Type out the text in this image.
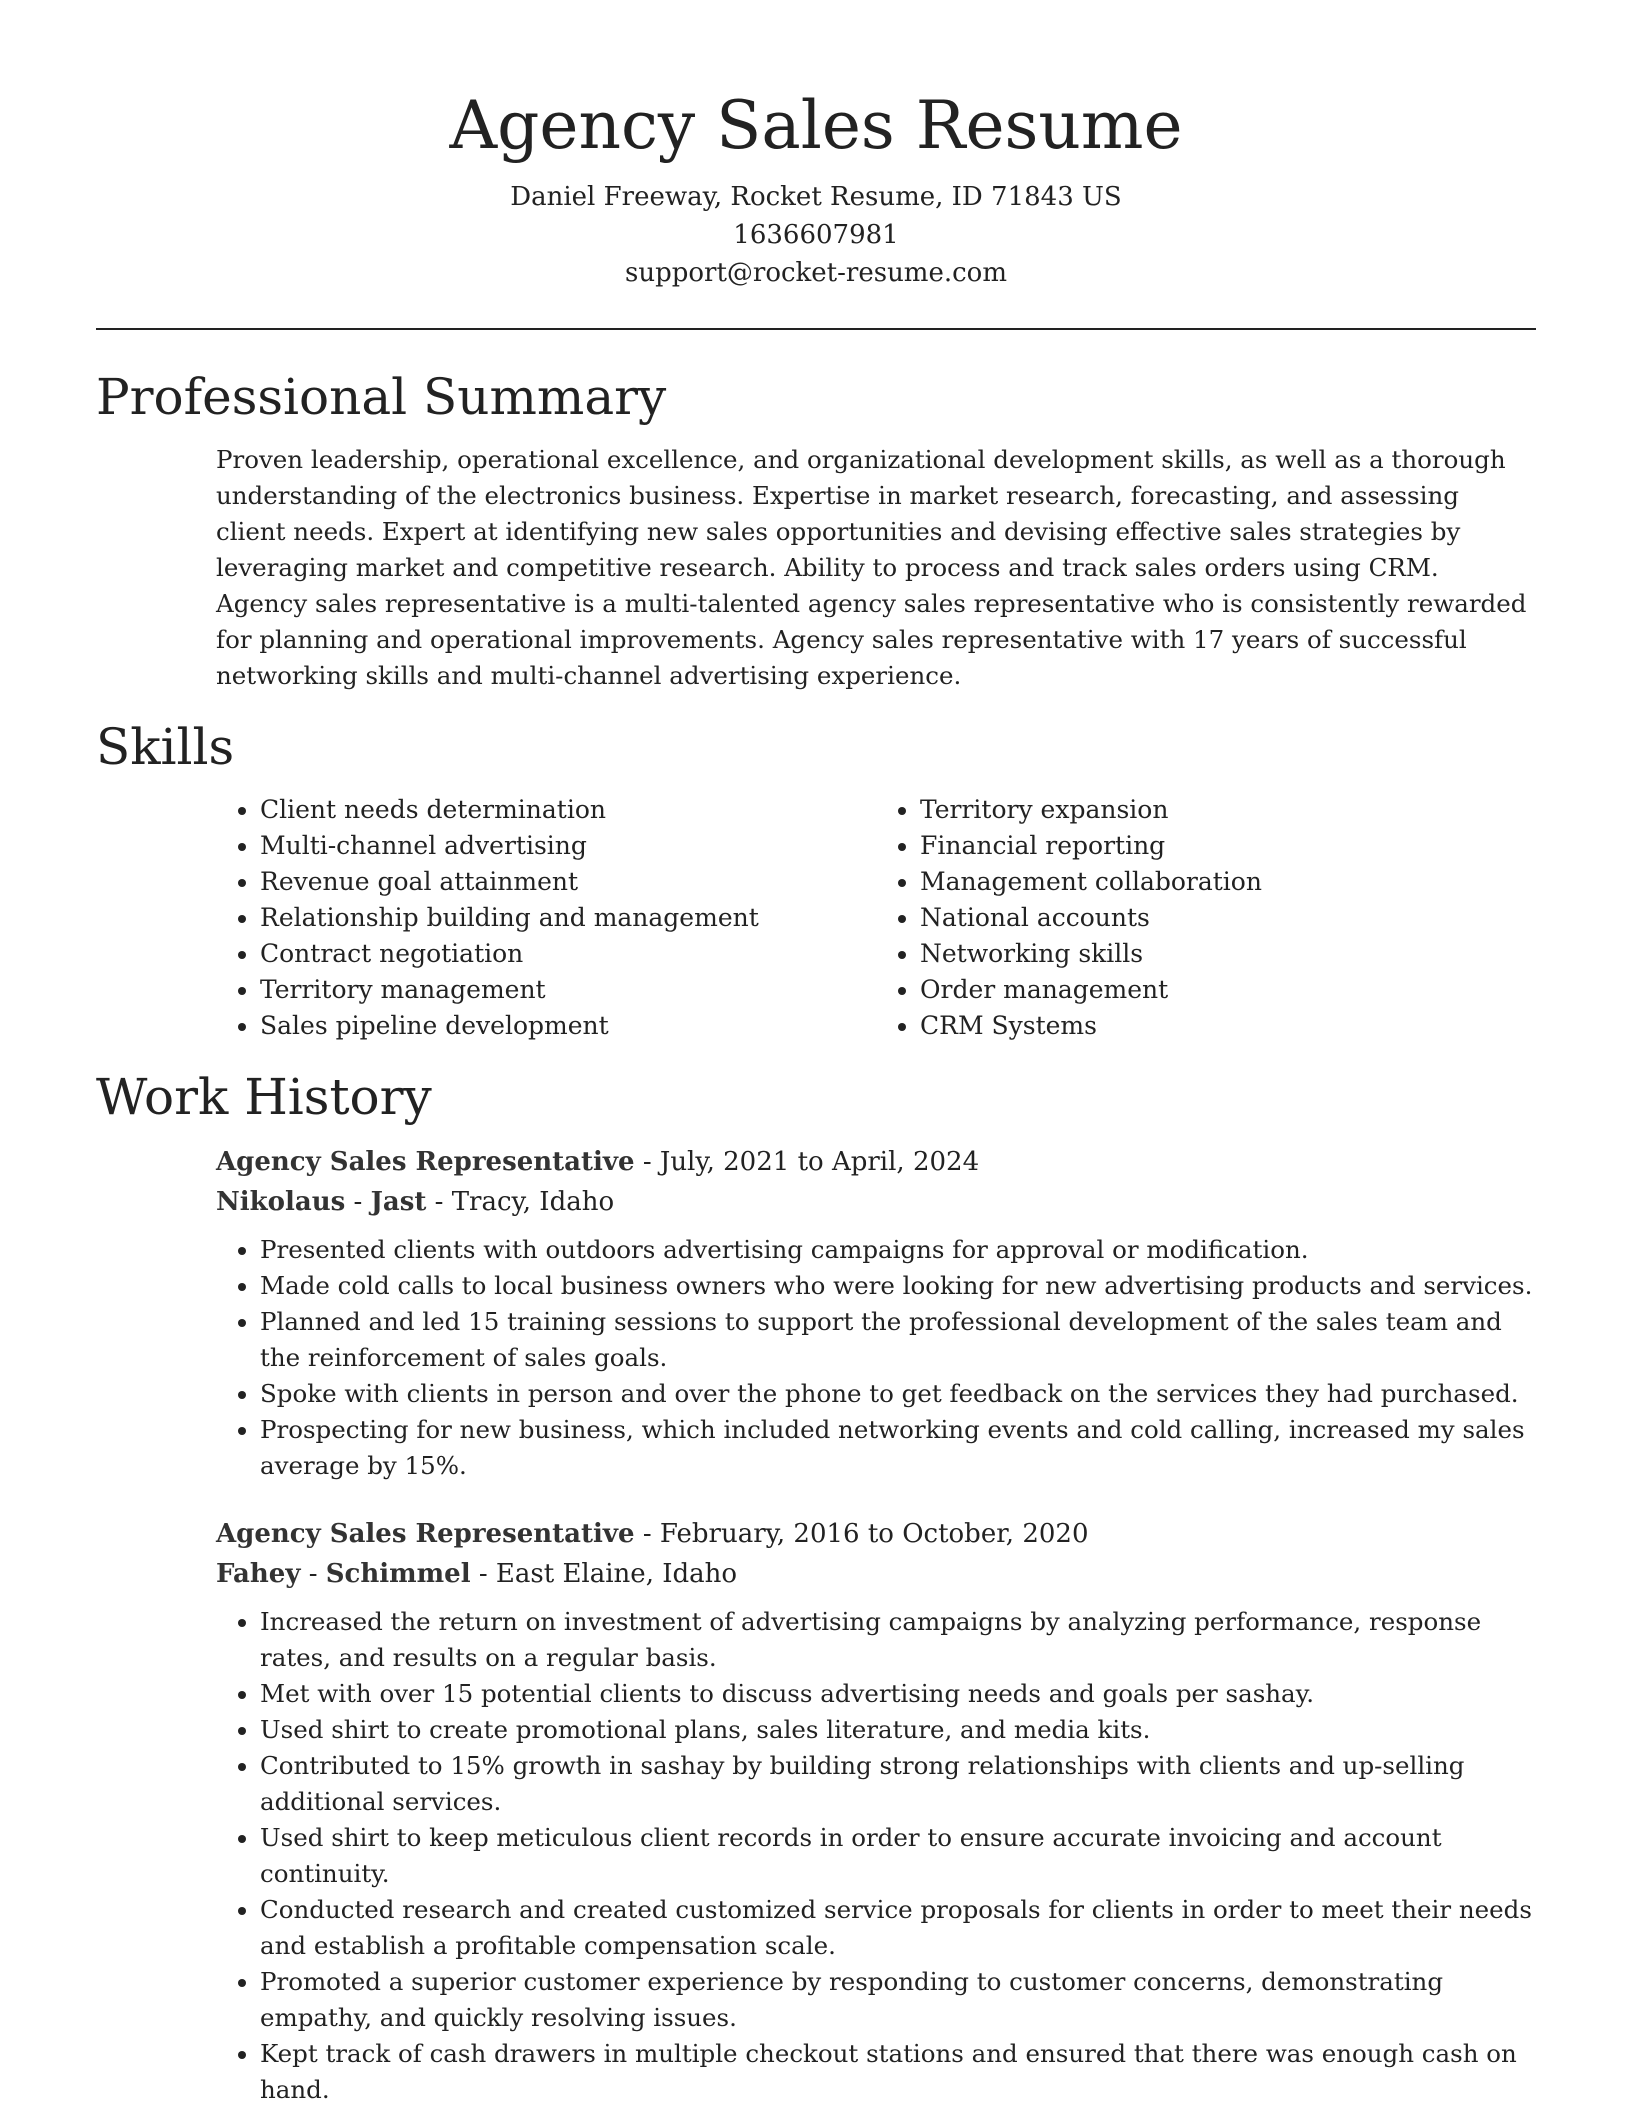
Agency Sales Resume
Daniel Freeway, Rocket Resume, ID 71843 US
1636607981
support@rocket-resume.com
Professional Summary

Proven leadership, operational excellence, and organizational development skills, as well as a thorough understanding of the electronics business. Expertise in market research, forecasting, and assessing client needs. Expert at identifying new sales opportunities and devising effective sales strategies by leveraging market and competitive research. Ability to process and track sales orders using CRM. Agency sales representative is a multi-talented agency sales representative who is consistently rewarded for planning and operational improvements. Agency sales representative with 17 years of successful networking skills and multi-channel advertising experience.

Skills
• Client needs determination
• Multi-channel advertising
• Revenue goal attainment
• Relationship building and management
• Contract negotiation
• Territory management
• Sales pipeline development
• Territory expansion
• Financial reporting
• Management collaboration
• National accounts
• Networking skills
• Order management
• CRM Systems
Work History
Agency Sales Representative - July, 2021 to April, 2024
Nikolaus - Jast - Tracy, Idaho
• Presented clients with outdoors advertising campaigns for approval or modification.
• Made cold calls to local business owners who were looking for new advertising products and services.
• Planned and led 15 training sessions to support the professional development of the sales team and the reinforcement of sales goals.
• Spoke with clients in person and over the phone to get feedback on the services they had purchased.
• Prospecting for new business, which included networking events and cold calling, increased my sales average by 15%.
Agency Sales Representative - February, 2016 to October, 2020
Fahey - Schimmel - East Elaine, Idaho
• Increased the return on investment of advertising campaigns by analyzing performance, response rates, and results on a regular basis.
• Met with over 15 potential clients to discuss advertising needs and goals per sashay.
• Used shirt to create promotional plans, sales literature, and media kits.
• Contributed to 15% growth in sashay by building strong relationships with clients and up-selling additional services.
• Used shirt to keep meticulous client records in order to ensure accurate invoicing and account continuity.
• Conducted research and created customized service proposals for clients in order to meet their needs and establish a profitable compensation scale.
• Promoted a superior customer experience by responding to customer concerns, demonstrating empathy, and quickly resolving issues.
• Kept track of cash drawers in multiple checkout stations and ensured that there was enough cash on hand.
